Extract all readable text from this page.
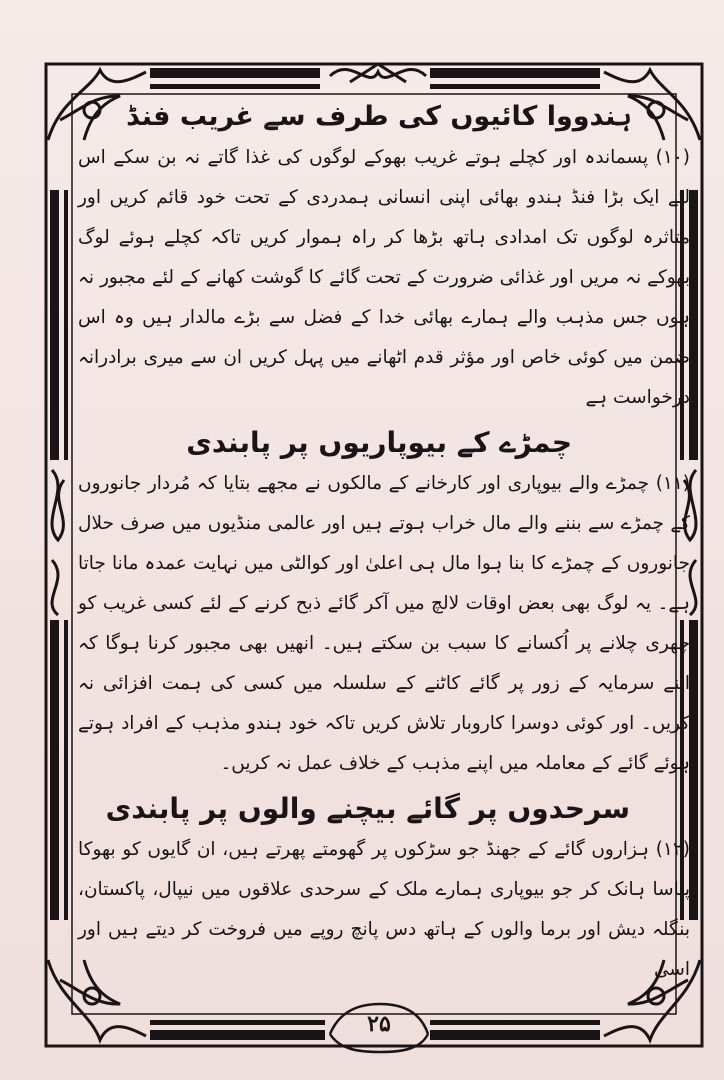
ہندووا کائیوں کی طرف سے غریب فنڈ

(۱۰) پسماندہ اور کچلے ہوتے غریب بھوکے لوگوں کی غذا گاتے نہ بن سکے اس لئے ایک بڑا فنڈ ہندو بھائی اپنی انسانی ہمدردی کے تحت خود قائم کریں اور متاثرہ لوگوں تک امدادی ہاتھ بڑھا کر راہ ہموار کریں تاکہ کچلے ہوئے لوگ بھوکے نہ مریں اور غذائی ضرورت کے تحت گائے کا گوشت کھانے کے لئے مجبور نہ ہوں جس مذہب والے ہمارے بھائی خدا کے فضل سے بڑے مالدار ہیں وہ اس ضمن میں کوئی خاص اور مؤثر قدم اٹھانے میں پہل کریں ان سے میری برادرانہ درخواست ہے

چمڑے کے بیوپاریوں پر پابندی

(۱۱) چمڑے والے بیوپاری اور کارخانے کے مالکوں نے مجھے بتایا کہ مُردار جانوروں کے چمڑے سے بننے والے مال خراب ہوتے ہیں اور عالمی منڈیوں میں صرف حلال جانوروں کے چمڑے کا بنا ہوا مال ہی اعلیٰ اور کوالٹی میں نہایت عمدہ مانا جاتا ہے۔ یہ لوگ بھی بعض اوقات لالچ میں آکر گائے ذبح کرنے کے لئے کسی غریب کو چھری چلانے پر اُکسانے کا سبب بن سکتے ہیں۔ انھیں بھی مجبور کرنا ہوگا کہ اپنے سرمایہ کے زور پر گائے کاٹنے کے سلسلہ میں کسی کی ہمت افزائی نہ کریں۔ اور کوئی دوسرا کاروبار تلاش کریں تاکہ خود ہندو مذہب کے افراد ہوتے ہوئے گائے کے معاملہ میں اپنے مذہب کے خلاف عمل نہ کریں۔

سرحدوں پر گائے بیچنے والوں پر پابندی

(۱۲) ہزاروں گائے کے جھنڈ جو سڑکوں پر گھومتے پھرتے ہیں، ان گایوں کو بھوکا پیاسا ہانک کر جو بیوپاری ہمارے ملک کے سرحدی علاقوں میں نیپال، پاکستان، بنگلہ دیش اور برما والوں کے ہاتھ دس پانچ روپے میں فروخت کر دیتے ہیں اور اسی

۲۵
